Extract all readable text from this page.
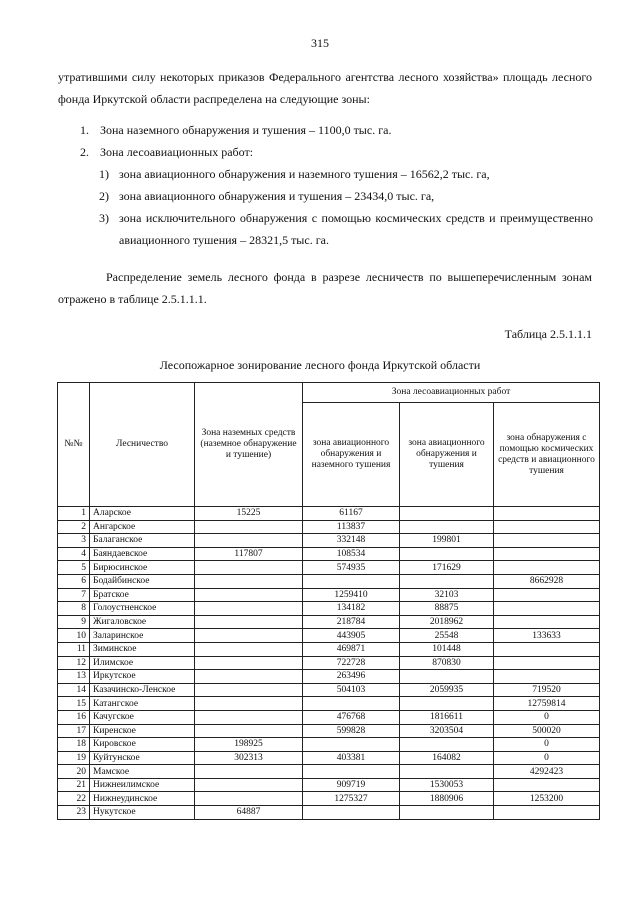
315

утратившими силу некоторых приказов Федерального агентства лесного хозяйства» площадь лесного фонда Иркутской области распределена на следующие зоны:

1. Зона наземного обнаружения и тушения – 1100,0 тыс. га.
2. Зона лесоавиационных работ:
1) зона авиационного обнаружения и наземного тушения – 16562,2 тыс. га,
2) зона авиационного обнаружения и тушения – 23434,0 тыс. га,
3) зона исключительного обнаружения с помощью космических средств и преимущественно авиационного тушения – 28321,5 тыс. га.

Распределение земель лесного фонда в разрезе лесничеств по вышеперечисленным зонам отражено в таблице 2.5.1.1.1.

Таблица 2.5.1.1.1
Лесопожарное зонирование лесного фонда Иркутской области
№№	Лесничество	Зона наземных средств (наземное обнаружение и тушение)	Зона лесоавиационных работ		
			зона авиационного обнаружения и наземного тушения	зона авиационного обнаружения и тушения	зона обнаружения с помощью космических средств и авиационного тушения
1	Аларское	15225	61167		
2	Ангарское		113837		
3	Балаганское		332148	199801	
4	Баяндаевское	117807	108534		
5	Бирюсинское		574935	171629	
6	Бодайбинское				8662928
7	Братское		1259410	32103	
8	Голоустненское		134182	88875	
9	Жигаловское		218784	2018962	
10	Заларинское		443905	25548	133633
11	Зиминское		469871	101448	
12	Илимское		722728	870830	
13	Иркутское		263496		
14	Казачинско-Ленское		504103	2059935	719520
15	Катангское				12759814
16	Качугское		476768	1816611	0
17	Киренское		599828	3203504	500020
18	Кировское	198925			0
19	Куйтунское	302313	403381	164082	0
20	Мамское				4292423
21	Нижнеилимское		909719	1530053	
22	Нижнеудинское		1275327	1880906	1253200
23	Нукутское	64887			
